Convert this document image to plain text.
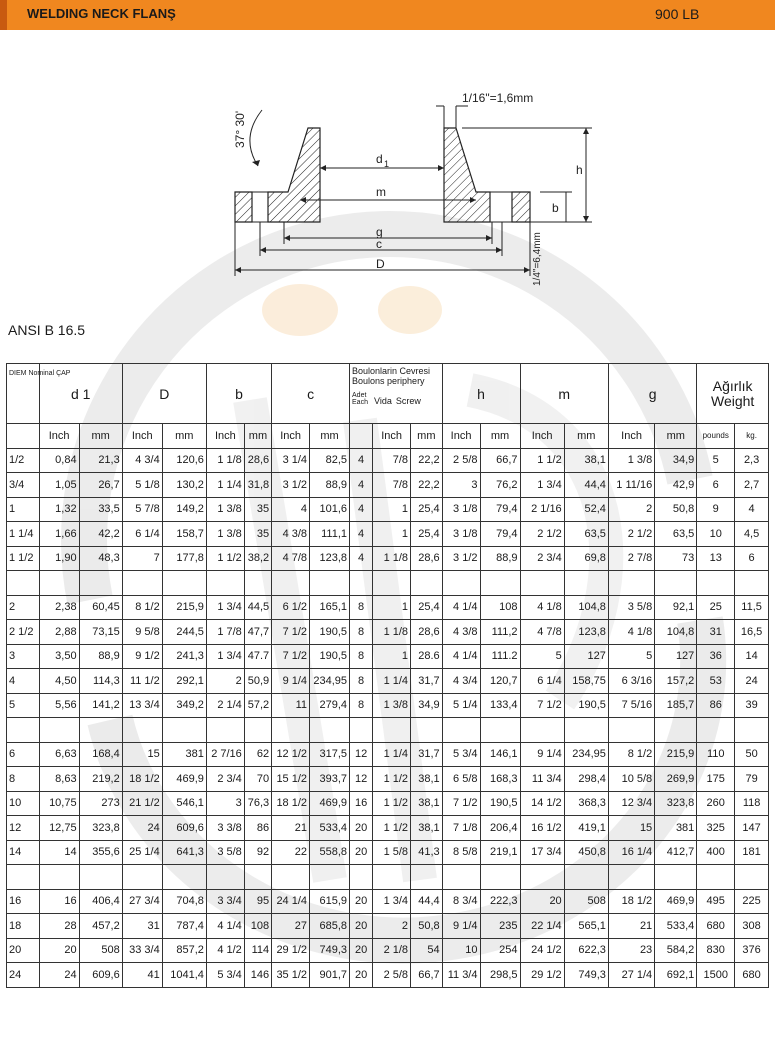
WELDING NECK FLANŞ	900 LB
37° 30'
d 1
m
h
b
g
c
D
1/16"=1,6mm
1/4"=6,4mm
ANSI B 16.5
DIEM Nominal ÇAP	d 1		D		b		c		Boulonlarin Cevresi Boulons periphery
Adet Each Vida Screw			h		m		g		Ağırlık Weight	
	Inch	mm	Inch	mm	Inch	mm	Inch	mm		Inch	mm	Inch	mm	Inch	mm	Inch	mm	pounds	kg.
1/2	0,84	21,3	4 3/4	120,6	1 1/8	28,6	3 1/4	82,5	4	7/8	22,2	2 5/8	66,7	1 1/2	38,1	1 3/8	34,9	5	2,3
3/4	1,05	26,7	5 1/8	130,2	1 1/4	31,8	3 1/2	88,9	4	7/8	22,2	3	76,2	1 3/4	44,4	1 11/16	42,9	6	2,7
1	1,32	33,5	5 7/8	149,2	1 3/8	35	4	101,6	4	1	25,4	3 1/8	79,4	2 1/16	52,4	2	50,8	9	4
1 1/4	1,66	42,2	6 1/4	158,7	1 3/8	35	4 3/8	111,1	4	1	25,4	3 1/8	79,4	2 1/2	63,5	2 1/2	63,5	10	4,5
1 1/2	1,90	48,3	7	177,8	1 1/2	38,2	4 7/8	123,8	4	1 1/8	28,6	3 1/2	88,9	2 3/4	69,8	2 7/8	73	13	6

2	2,38	60,45	8 1/2	215,9	1 3/4	44,5	6 1/2	165,1	8	1	25,4	4 1/4	108	4 1/8	104,8	3 5/8	92,1	25	11,5
2 1/2	2,88	73,15	9 5/8	244,5	1 7/8	47,7	7 1/2	190,5	8	1 1/8	28,6	4 3/8	111,2	4 7/8	123,8	4 1/8	104,8	31	16,5
3	3,50	88,9	9 1/2	241,3	1 3/4	47.7	7 1/2	190,5	8	1	28.6	4 1/4	111.2	5	127	5	127	36	14
4	4,50	114,3	11 1/2	292,1	2	50,9	9 1/4	234,95	8	1 1/4	31,7	4 3/4	120,7	6 1/4	158,75	6 3/16	157,2	53	24
5	5,56	141,2	13 3/4	349,2	2 1/4	57,2	11	279,4	8	1 3/8	34,9	5 1/4	133,4	7 1/2	190,5	7 5/16	185,7	86	39

6	6,63	168,4	15	381	2 7/16	62	12 1/2	317,5	12	1 1/4	31,7	5 3/4	146,1	9 1/4	234,95	8 1/2	215,9	110	50
8	8,63	219,2	18 1/2	469,9	2 3/4	70	15 1/2	393,7	12	1 1/2	38,1	6 5/8	168,3	11 3/4	298,4	10 5/8	269,9	175	79
10	10,75	273	21 1/2	546,1	3	76,3	18 1/2	469,9	16	1 1/2	38,1	7 1/2	190,5	14 1/2	368,3	12 3/4	323,8	260	118
12	12,75	323,8	24	609,6	3 3/8	86	21	533,4	20	1 1/2	38,1	7 1/8	206,4	16 1/2	419,1	15	381	325	147
14	14	355,6	25 1/4	641,3	3 5/8	92	22	558,8	20	1 5/8	41,3	8 5/8	219,1	17 3/4	450,8	16 1/4	412,7	400	181

16	16	406,4	27 3/4	704,8	3 3/4	95	24 1/4	615,9	20	1 3/4	44,4	8 3/4	222,3	20	508	18 1/2	469,9	495	225
18	28	457,2	31	787,4	4 1/4	108	27	685,8	20	2	50,8	9 1/4	235	22 1/4	565,1	21	533,4	680	308
20	20	508	33 3/4	857,2	4 1/2	114	29 1/2	749,3	20	2 1/8	54	10	254	24 1/2	622,3	23	584,2	830	376
24	24	609,6	41	1041,4	5 3/4	146	35 1/2	901,7	20	2 5/8	66,7	11 3/4	298,5	29 1/2	749,3	27 1/4	692,1	1500	680
